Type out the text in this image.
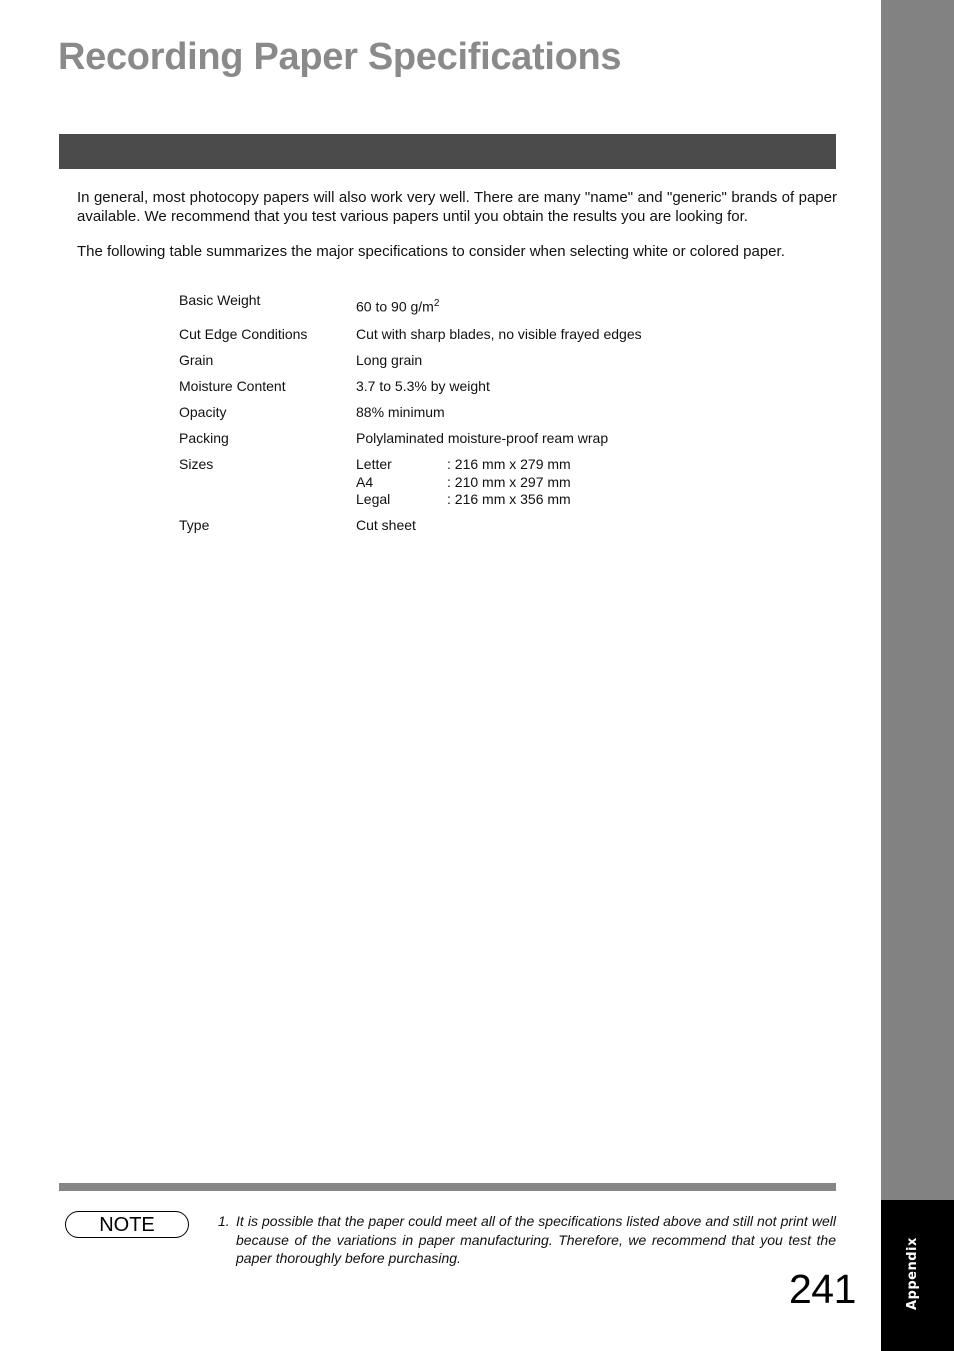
Appendix
Recording Paper Specifications

In general, most photocopy papers will also work very well. There are many "name" and "generic" brands of paper available. We recommend that you test various papers until you obtain the results you are looking for.

The following table summarizes the major specifications to consider when selecting white or colored paper.

Basic Weight	60 to 90 $g/m^2$
Cut Edge Conditions	Cut with sharp blades, no visible frayed edges
Grain	Long grain
Moisture Content	3.7 to 5.3% by weight
Opacity	88% minimum
Packing	Polylaminated moisture-proof ream wrap
Sizes	Letter	: 216 mm x 279 mm
A4	: 210 mm x 297 mm
Legal	: 216 mm x 356 mm
Type	Cut sheet
NOTE	1. It is possible that the paper could meet all of the specifications listed above and still not print well because of the variations in paper manufacturing. Therefore, we recommend that you test the paper thoroughly before purchasing.

241
